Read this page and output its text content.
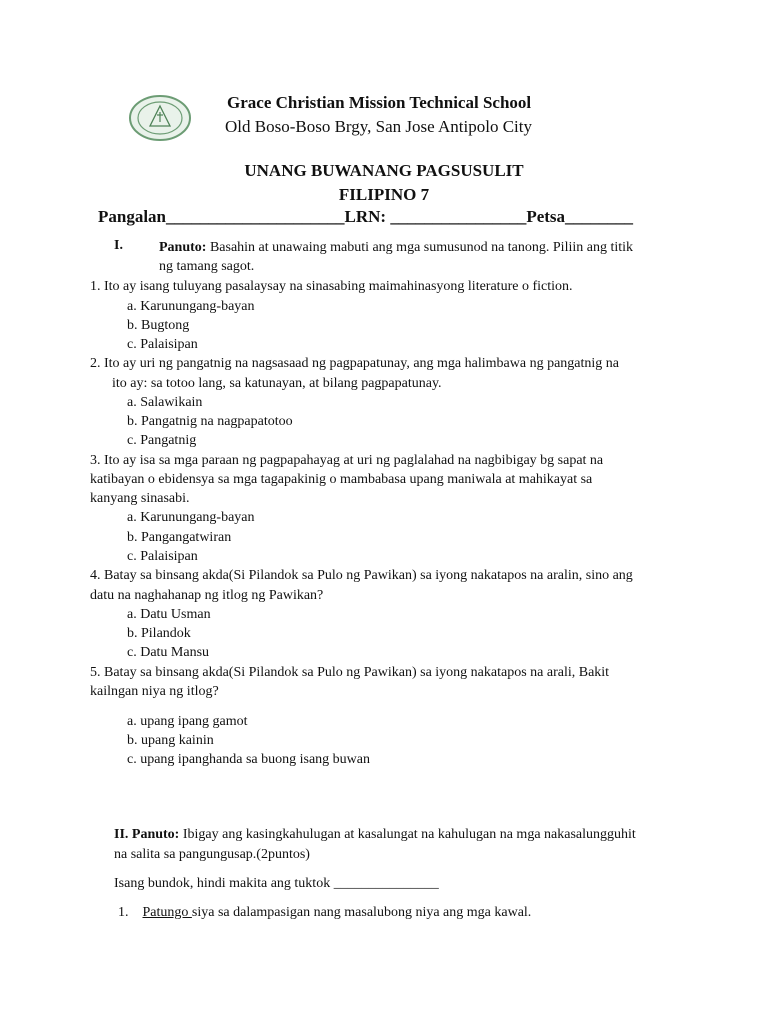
Grace Christian Mission Technical School
Old Boso-Boso Brgy, San Jose Antipolo City
UNANG BUWANANG PAGSUSULIT
FILIPINO 7
Pangalan_____________________LRN: ________________Petsa________
I.	Panuto: Basahin at unawaing mabuti ang mga sumusunod na tanong. Piliin ang titik
ng tamang sagot.
1. Ito ay isang tuluyang pasalaysay na sinasabing maimahinasyong literature o fiction.
a. Karunungang-bayan
b. Bugtong
c. Palaisipan
2. Ito ay uri ng pangatnig na nagsasaad ng pagpapatunay, ang mga halimbawa ng pangatnig na
ito ay: sa totoo lang, sa katunayan, at bilang pagpapatunay.
a. Salawikain
b. Pangatnig na nagpapatotoo
c. Pangatnig
3. Ito ay isa sa mga paraan ng pagpapahayag at uri ng paglalahad na nagbibigay bg sapat na
katibayan o ebidensya sa mga tagapakinig o mambabasa upang maniwala at mahikayat sa
kanyang sinasabi.
a. Karunungang-bayan
b. Pangangatwiran
c. Palaisipan
4. Batay sa binsang akda(Si Pilandok sa Pulo ng Pawikan) sa iyong nakatapos na aralin, sino ang
datu na naghahanap ng itlog ng Pawikan?
a. Datu Usman
b. Pilandok
c. Datu Mansu
5. Batay sa binsang akda(Si Pilandok sa Pulo ng Pawikan) sa iyong nakatapos na arali, Bakit
kailngan niya ng itlog?
a. upang ipang gamot
b. upang kainin
c. upang ipanghanda sa buong isang buwan
II. Panuto: Ibigay ang kasingkahulugan at kasalungat na kahulugan na mga nakasalungguhit
na salita sa pangungusap.(2puntos)
Isang bundok, hindi makita ang tuktok _______________
1. Patungo siya sa dalampasigan nang masalubong niya ang mga kawal.
